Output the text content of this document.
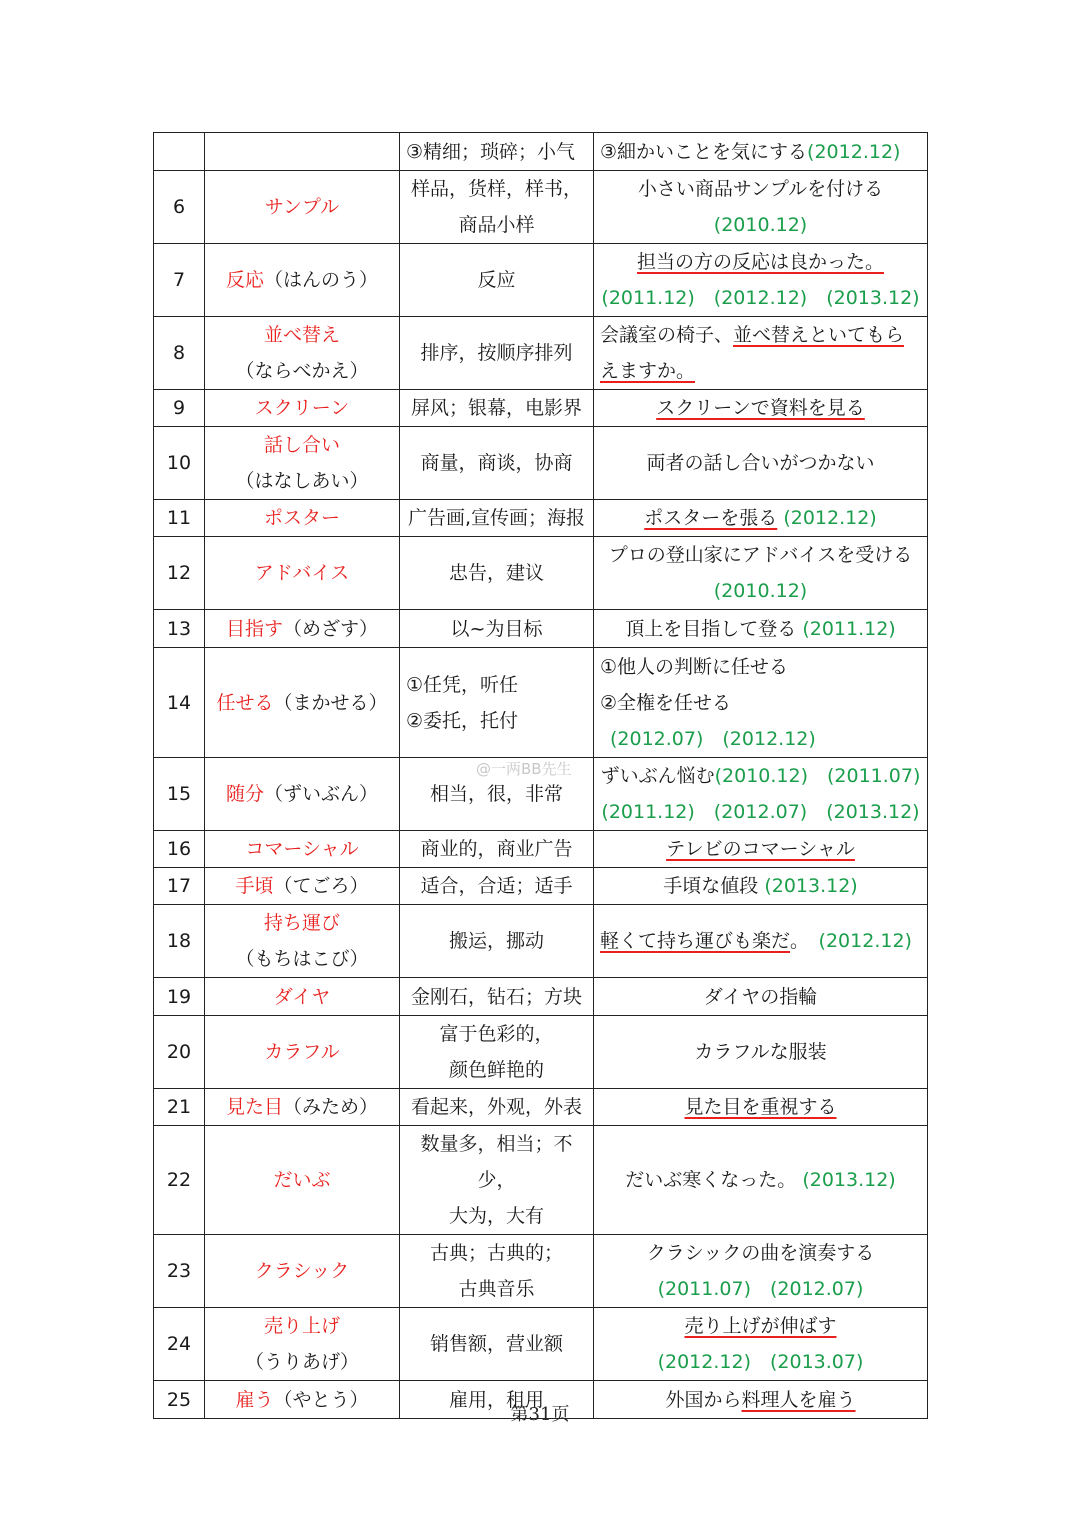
@一两BB先生
		③精细；琐碎；小气	③細かいことを気にする(2012.12)
6	サンプル	样品，货样，样书，
商品小样	小さい商品サンプルを付ける
(2010.12)

7	反応（はんのう）	反应	担当の方の反応は良かった。
(2011.12)　(2012.12)　(2013.12)

8	並べ替え
（ならべかえ）	排序，按顺序排列	会議室の椅子、並べ替えといてもらえますか。
9	スクリーン	屏风；银幕，电影界	スクリーンで資料を見る
10	話し合い
（はなしあい）	商量，商谈，协商	両者の話し合いがつかない
11	ポスター	广告画,宣传画；海报	ポスターを張る (2012.12)
12	アドバイス	忠告，建议	プロの登山家にアドバイスを受ける
(2010.12)

13	目指す（めざす）	以~为目标	頂上を目指して登る (2011.12)
14	任せる（まかせる）	①任凭，听任
②委托，托付	①他人の判断に任せる
②全権を任せる
(2012.07)　(2012.12)

15	随分（ずいぶん）	相当，很，非常	ずいぶん悩む(2010.12)　(2011.07)
(2011.12)　(2012.07)　(2013.12)

16	コマーシャル	商业的，商业广告	テレビのコマーシャル
17	手頃（てごろ）	适合，合适；适手	手頃な値段 (2013.12)
18	持ち運び
（もちはこび）	搬运，挪动	軽くて持ち運びも楽だ。　 (2012.12)
19	ダイヤ	金刚石，钻石；方块	ダイヤの指輪
20	カラフル	富于色彩的，
颜色鲜艳的	カラフルな服装
21	見た目（みため）	看起来，外观，外表	見た目を重視する
22	だいぶ	数量多，相当；不少，
大为，大有	だいぶ寒くなった。 (2013.12)
23	クラシック	古典；古典的；
古典音乐	クラシックの曲を演奏する
(2011.07)　(2012.07)

24	売り上げ（うりあげ）	销售额，营业额	売り上げが伸ばす
(2012.12)　(2013.07)

25	雇う（やとう）	雇用，租用	外国から料理人を雇う
第31页
